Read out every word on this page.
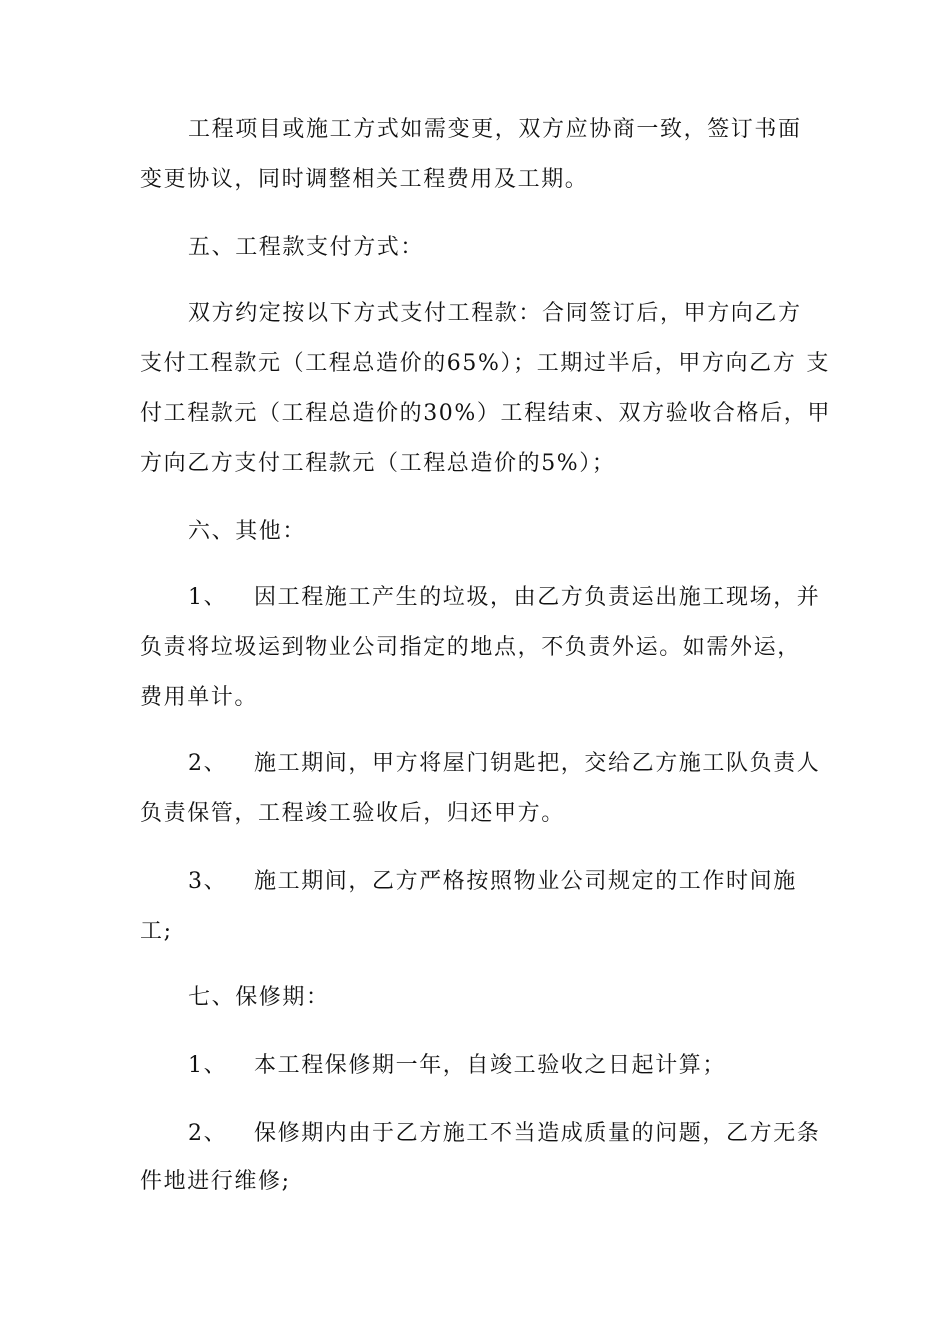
工程项目或施工方式如需变更，双方应协商一致，签订书面
变更协议，同时调整相关工程费用及工期。
五、工程款支付方式：
双方约定按以下方式支付工程款：合同签订后，甲方向乙方
支付工程款元（工程总造价的65%）；工期过半后，甲方向乙方 支
付工程款元（工程总造价的30%）工程结束、双方验收合格后， 甲
方向乙方支付工程款元（工程总造价的5%）；
六、其他：
1、 因工程施工产生的垃圾，由乙方负责运出施工现场，并
负责将垃圾运到物业公司指定的地点，不负责外运。如需外运，
费用单计。
2、 施工期间，甲方将屋门钥匙把，交给乙方施工队负责人
负责保管，工程竣工验收后，归还甲方。
3、 施工期间，乙方严格按照物业公司规定的工作时间施
工;
七、保修期：
1、 本工程保修期一年，自竣工验收之日起计算；
2、 保修期内由于乙方施工不当造成质量的问题，乙方无条
件地进行维修;
